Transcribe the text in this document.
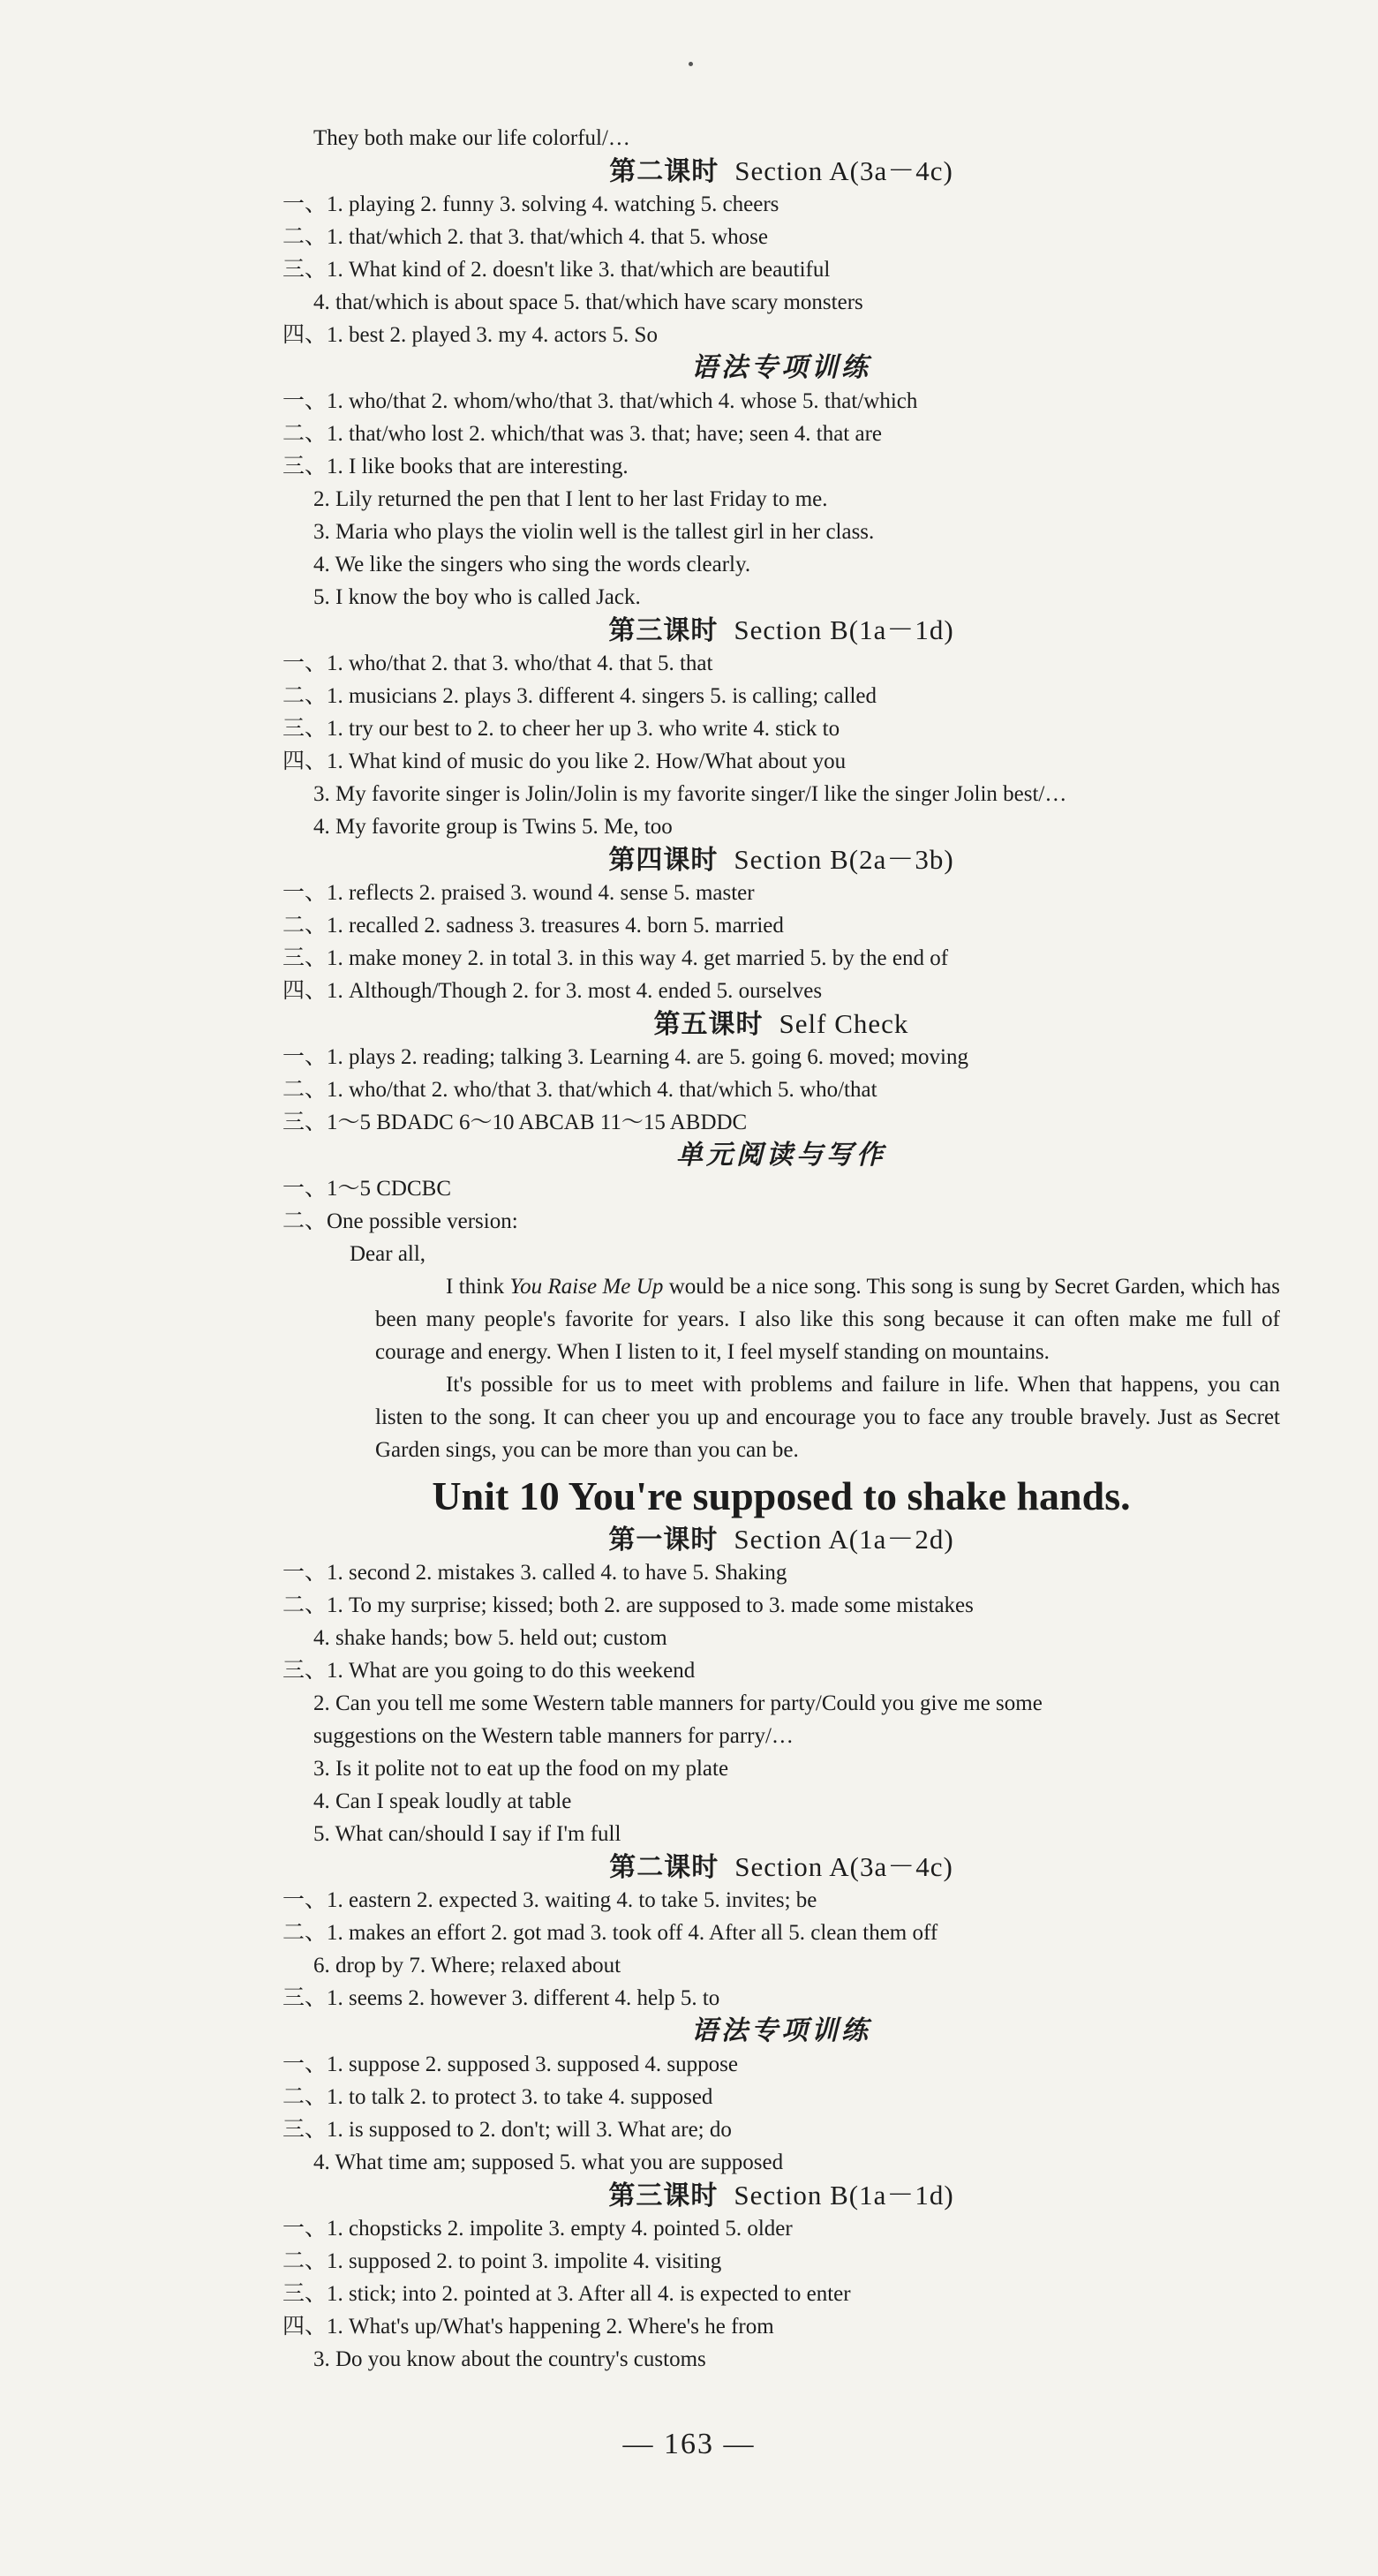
They both make our life colorful/…
第二课时 Section A(3a－4c)
一、1. playing 2. funny 3. solving 4. watching 5. cheers
二、1. that/which 2. that 3. that/which 4. that 5. whose
三、1. What kind of 2. doesn't like 3. that/which are beautiful
4. that/which is about space 5. that/which have scary monsters
四、1. best 2. played 3. my 4. actors 5. So
语法专项训练
一、1. who/that 2. whom/who/that 3. that/which 4. whose 5. that/which
二、1. that/who lost 2. which/that was 3. that; have; seen 4. that are
三、1. I like books that are interesting.
2. Lily returned the pen that I lent to her last Friday to me.
3. Maria who plays the violin well is the tallest girl in her class.
4. We like the singers who sing the words clearly.
5. I know the boy who is called Jack.
第三课时 Section B(1a－1d)
一、1. who/that 2. that 3. who/that 4. that 5. that
二、1. musicians 2. plays 3. different 4. singers 5. is calling; called
三、1. try our best to 2. to cheer her up 3. who write 4. stick to
四、1. What kind of music do you like 2. How/What about you
3. My favorite singer is Jolin/Jolin is my favorite singer/I like the singer Jolin best/…
4. My favorite group is Twins 5. Me, too
第四课时 Section B(2a－3b)
一、1. reflects 2. praised 3. wound 4. sense 5. master
二、1. recalled 2. sadness 3. treasures 4. born 5. married
三、1. make money 2. in total 3. in this way 4. get married 5. by the end of
四、1. Although/Though 2. for 3. most 4. ended 5. ourselves
第五课时 Self Check
一、1. plays 2. reading; talking 3. Learning 4. are 5. going 6. moved; moving
二、1. who/that 2. who/that 3. that/which 4. that/which 5. who/that
三、1～5 BDADC 6～10 ABCAB 11～15 ABDDC
单元阅读与写作
一、1～5 CDCBC
二、One possible version:
Dear all,
I think You Raise Me Up would be a nice song. This song is sung by Secret Garden, which has been many people's favorite for years. I also like this song because it can often make me full of courage and energy. When I listen to it, I feel myself standing on mountains.
It's possible for us to meet with problems and failure in life. When that happens, you can listen to the song. It can cheer you up and encourage you to face any trouble bravely. Just as Secret Garden sings, you can be more than you can be.
Unit 10 You're supposed to shake hands.
第一课时 Section A(1a－2d)
一、1. second 2. mistakes 3. called 4. to have 5. Shaking
二、1. To my surprise; kissed; both 2. are supposed to 3. made some mistakes
4. shake hands; bow 5. held out; custom
三、1. What are you going to do this weekend
2. Can you tell me some Western table manners for party/Could you give me some
suggestions on the Western table manners for parry/…
3. Is it polite not to eat up the food on my plate
4. Can I speak loudly at table
5. What can/should I say if I'm full
第二课时 Section A(3a－4c)
一、1. eastern 2. expected 3. waiting 4. to take 5. invites; be
二、1. makes an effort 2. got mad 3. took off 4. After all 5. clean them off
6. drop by 7. Where; relaxed about
三、1. seems 2. however 3. different 4. help 5. to
语法专项训练
一、1. suppose 2. supposed 3. supposed 4. suppose
二、1. to talk 2. to protect 3. to take 4. supposed
三、1. is supposed to 2. don't; will 3. What are; do
4. What time am; supposed 5. what you are supposed
第三课时 Section B(1a－1d)
一、1. chopsticks 2. impolite 3. empty 4. pointed 5. older
二、1. supposed 2. to point 3. impolite 4. visiting
三、1. stick; into 2. pointed at 3. After all 4. is expected to enter
四、1. What's up/What's happening 2. Where's he from
3. Do you know about the country's customs
— 163 —
